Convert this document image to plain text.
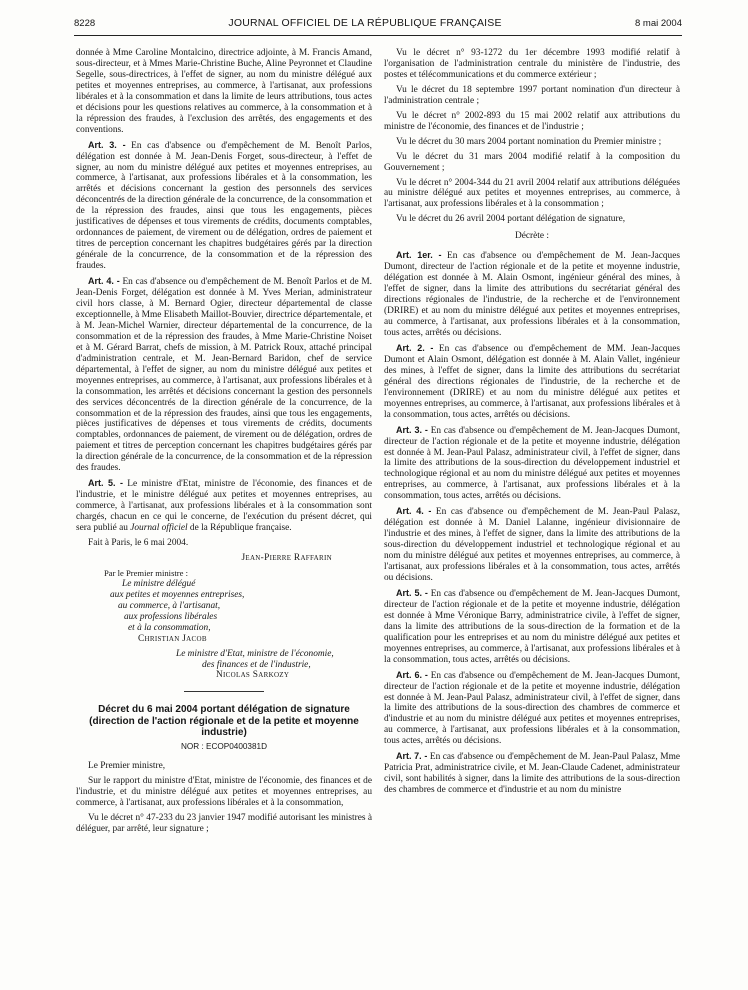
8228	JOURNAL OFFICIEL DE LA RÉPUBLIQUE FRANÇAISE	8 mai 2004

donnée à Mme Caroline Montalcino, directrice adjointe, à M. Francis Amand, sous-directeur, et à Mmes Marie-Christine Buche, Aline Peyronnet et Claudine Segelle, sous-directrices, à l'effet de signer, au nom du ministre délégué aux petites et moyennes entreprises, au commerce, à l'artisanat, aux professions libérales et à la consommation et dans la limite de leurs attributions, tous actes et décisions pour les questions relatives au commerce, à la consommation et à la répression des fraudes, à l'exclusion des arrêtés, des engagements et des conventions.

Art. 3. - En cas d'absence ou d'empêchement de M. Benoît Parlos, délégation est donnée à M. Jean-Denis Forget, sous-directeur, à l'effet de signer, au nom du ministre délégué aux petites et moyennes entreprises, au commerce, à l'artisanat, aux professions libérales et à la consommation, les arrêtés et décisions concernant la gestion des personnels des services déconcentrés de la direction générale de la concurrence, de la consommation et de la répression des fraudes, ainsi que tous les engagements, pièces justificatives de dépenses et tous virements de crédits, documents comptables, ordonnances de paiement, de virement ou de délégation, ordres de paiement et titres de perception concernant les chapitres budgétaires gérés par la direction générale de la concurrence, de la consommation et de la répression des fraudes.

Art. 4. - En cas d'absence ou d'empêchement de M. Benoît Parlos et de M. Jean-Denis Forget, délégation est donnée à M. Yves Merian, administrateur civil hors classe, à M. Bernard Ogier, directeur départemental de classe exceptionnelle, à Mme Elisabeth Maillot-Bouvier, directrice départementale, et à M. Jean-Michel Warnier, directeur départemental de la concurrence, de la consommation et de la répression des fraudes, à Mme Marie-Christine Noiset et à M. Gérard Barrat, chefs de mission, à M. Patrick Roux, attaché principal d'administration centrale, et M. Jean-Bernard Baridon, chef de service départemental, à l'effet de signer, au nom du ministre délégué aux petites et moyennes entreprises, au commerce, à l'artisanat, aux professions libérales et à la consommation, les arrêtés et décisions concernant la gestion des personnels des services déconcentrés de la direction générale de la concurrence, de la consommation et de la répression des fraudes, ainsi que tous les engagements, pièces justificatives de dépenses et tous virements de crédits, documents comptables, ordonnances de paiement, de virement ou de délégation, ordres de paiement et titres de perception concernant les chapitres budgétaires gérés par la direction générale de la concurrence, de la consommation et de la répression des fraudes.

Art. 5. - Le ministre d'Etat, ministre de l'économie, des finances et de l'industrie, et le ministre délégué aux petites et moyennes entreprises, au commerce, à l'artisanat, aux professions libérales et à la consommation sont chargés, chacun en ce qui le concerne, de l'exécution du présent décret, qui sera publié au Journal officiel de la République française.

Fait à Paris, le 6 mai 2004.

Jean-Pierre Raffarin

Par le Premier ministre :

Le ministre délégué

aux petites et moyennes entreprises,

au commerce, à l'artisanat,

aux professions libérales

et à la consommation,

Christian Jacob

Le ministre d'Etat, ministre de l'économie,

des finances et de l'industrie,

Nicolas Sarkozy

Décret du 6 mai 2004 portant délégation de signature (direction de l'action régionale et de la petite et moyenne industrie)

NOR : ECOP0400381D

Le Premier ministre,

Sur le rapport du ministre d'Etat, ministre de l'économie, des finances et de l'industrie, et du ministre délégué aux petites et moyennes entreprises, au commerce, à l'artisanat, aux professions libérales et à la consommation,

Vu le décret n° 47-233 du 23 janvier 1947 modifié autorisant les ministres à déléguer, par arrêté, leur signature ;

Vu le décret n° 93-1272 du 1er décembre 1993 modifié relatif à l'organisation de l'administration centrale du ministère de l'industrie, des postes et télécommunications et du commerce extérieur ;

Vu le décret du 18 septembre 1997 portant nomination d'un directeur à l'administration centrale ;

Vu le décret n° 2002-893 du 15 mai 2002 relatif aux attributions du ministre de l'économie, des finances et de l'industrie ;

Vu le décret du 30 mars 2004 portant nomination du Premier ministre ;

Vu le décret du 31 mars 2004 modifié relatif à la composition du Gouvernement ;

Vu le décret n° 2004-344 du 21 avril 2004 relatif aux attributions déléguées au ministre délégué aux petites et moyennes entreprises, au commerce, à l'artisanat, aux professions libérales et à la consommation ;

Vu le décret du 26 avril 2004 portant délégation de signature,

Décrète :

Art. 1er. - En cas d'absence ou d'empêchement de M. Jean-Jacques Dumont, directeur de l'action régionale et de la petite et moyenne industrie, délégation est donnée à M. Alain Osmont, ingénieur général des mines, à l'effet de signer, dans la limite des attributions du secrétariat général des directions régionales de l'industrie, de la recherche et de l'environnement (DRIRE) et au nom du ministre délégué aux petites et moyennes entreprises, au commerce, à l'artisanat, aux professions libérales et à la consommation, tous actes, arrêtés ou décisions.

Art. 2. - En cas d'absence ou d'empêchement de MM. Jean-Jacques Dumont et Alain Osmont, délégation est donnée à M. Alain Vallet, ingénieur des mines, à l'effet de signer, dans la limite des attributions du secrétariat général des directions régionales de l'industrie, de la recherche et de l'environnement (DRIRE) et au nom du ministre délégué aux petites et moyennes entreprises, au commerce, à l'artisanat, aux professions libérales et à la consommation, tous actes, arrêtés ou décisions.

Art. 3. - En cas d'absence ou d'empêchement de M. Jean-Jacques Dumont, directeur de l'action régionale et de la petite et moyenne industrie, délégation est donnée à M. Jean-Paul Palasz, administrateur civil, à l'effet de signer, dans la limite des attributions de la sous-direction du développement industriel et technologique régional et au nom du ministre délégué aux petites et moyennes entreprises, au commerce, à l'artisanat, aux professions libérales et à la consommation, tous actes, arrêtés ou décisions.

Art. 4. - En cas d'absence ou d'empêchement de M. Jean-Paul Palasz, délégation est donnée à M. Daniel Lalanne, ingénieur divisionnaire de l'industrie et des mines, à l'effet de signer, dans la limite des attributions de la sous-direction du développement industriel et technologique régional et au nom du ministre délégué aux petites et moyennes entreprises, au commerce, à l'artisanat, aux professions libérales et à la consommation, tous actes, arrêtés ou décisions.

Art. 5. - En cas d'absence ou d'empêchement de M. Jean-Jacques Dumont, directeur de l'action régionale et de la petite et moyenne industrie, délégation est donnée à Mme Véronique Barry, administratrice civile, à l'effet de signer, dans la limite des attributions de la sous-direction de la formation et de la qualification pour les entreprises et au nom du ministre délégué aux petites et moyennes entreprises, au commerce, à l'artisanat, aux professions libérales et à la consommation, tous actes, arrêtés ou décisions.

Art. 6. - En cas d'absence ou d'empêchement de M. Jean-Jacques Dumont, directeur de l'action régionale et de la petite et moyenne industrie, délégation est donnée à M. Jean-Paul Palasz, administrateur civil, à l'effet de signer, dans la limite des attributions de la sous-direction des chambres de commerce et d'industrie et au nom du ministre délégué aux petites et moyennes entreprises, au commerce, à l'artisanat, aux professions libérales et à la consommation, tous actes, arrêtés ou décisions.

Art. 7. - En cas d'absence ou d'empêchement de M. Jean-Paul Palasz, Mme Patricia Prat, administratrice civile, et M. Jean-Claude Cadenet, administrateur civil, sont habilités à signer, dans la limite des attributions de la sous-direction des chambres de commerce et d'industrie et au nom du ministre
